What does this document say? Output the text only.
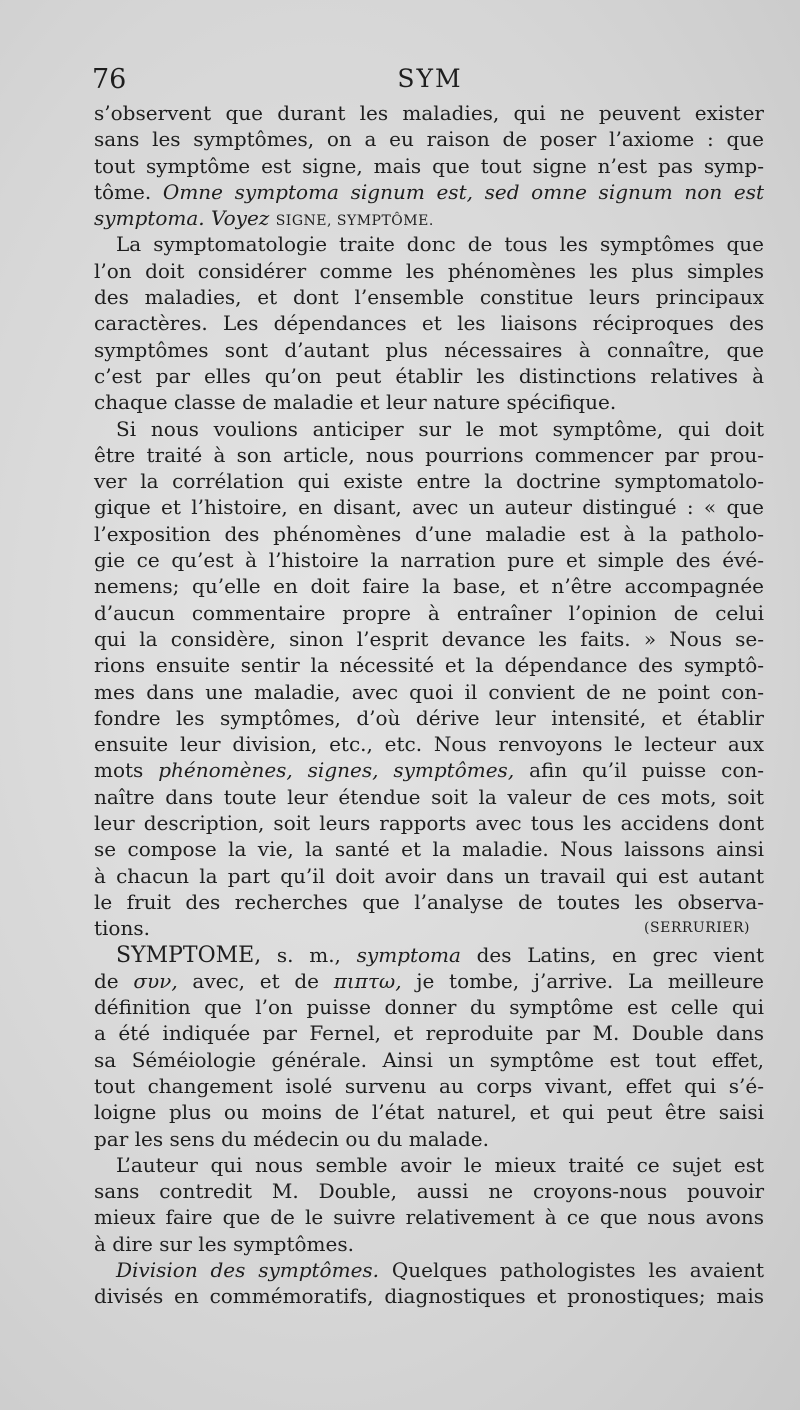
76	SYM
s’observent que durant les maladies, qui ne peuvent exister
sans les symptômes, on a eu raison de poser l’axiome : que
tout symptôme est signe, mais que tout signe n’est pas symp-
tôme. Omne symptoma signum est, sed omne signum non est
symptoma. Voyez SIGNE, SYMPTÔME.
La symptomatologie traite donc de tous les symptômes que
l’on doit considérer comme les phénomènes les plus simples
des maladies, et dont l’ensemble constitue leurs principaux
caractères. Les dépendances et les liaisons réciproques des
symptômes sont d’autant plus nécessaires à connaître, que
c’est par elles qu’on peut établir les distinctions relatives à
chaque classe de maladie et leur nature spécifique.
Si nous voulions anticiper sur le mot symptôme, qui doit
être traité à son article, nous pourrions commencer par prou-
ver la corrélation qui existe entre la doctrine symptomatolo-
gique et l’histoire, en disant, avec un auteur distingué : « que
l’exposition des phénomènes d’une maladie est à la patholo-
gie ce qu’est à l’histoire la narration pure et simple des évé-
nemens; qu’elle en doit faire la base, et n’être accompagnée
d’aucun commentaire propre à entraîner l’opinion de celui
qui la considère, sinon l’esprit devance les faits. » Nous se-
rions ensuite sentir la nécessité et la dépendance des symptô-
mes dans une maladie, avec quoi il convient de ne point con-
fondre les symptômes, d’où dérive leur intensité, et établir
ensuite leur division, etc., etc. Nous renvoyons le lecteur aux
mots phénomènes, signes, symptômes, afin qu’il puisse con-
naître dans toute leur étendue soit la valeur de ces mots, soit
leur description, soit leurs rapports avec tous les accidens dont
se compose la vie, la santé et la maladie. Nous laissons ainsi
à chacun la part qu’il doit avoir dans un travail qui est autant
le fruit des recherches que l’analyse de toutes les observa-
tions.	(SERRURIER)
SYMPTOME, s. m., symptoma des Latins, en grec vient
de συν, avec, et de πιπτω, je tombe, j’arrive. La meilleure
définition que l’on puisse donner du symptôme est celle qui
a été indiquée par Fernel, et reproduite par M. Double dans
sa Séméiologie générale. Ainsi un symptôme est tout effet,
tout changement isolé survenu au corps vivant, effet qui s’é-
loigne plus ou moins de l’état naturel, et qui peut être saisi
par les sens du médecin ou du malade.
L’auteur qui nous semble avoir le mieux traité ce sujet est
sans contredit M. Double, aussi ne croyons-nous pouvoir
mieux faire que de le suivre relativement à ce que nous avons
à dire sur les symptômes.
Division des symptômes. Quelques pathologistes les avaient
divisés en commémoratifs, diagnostiques et pronostiques; mais
